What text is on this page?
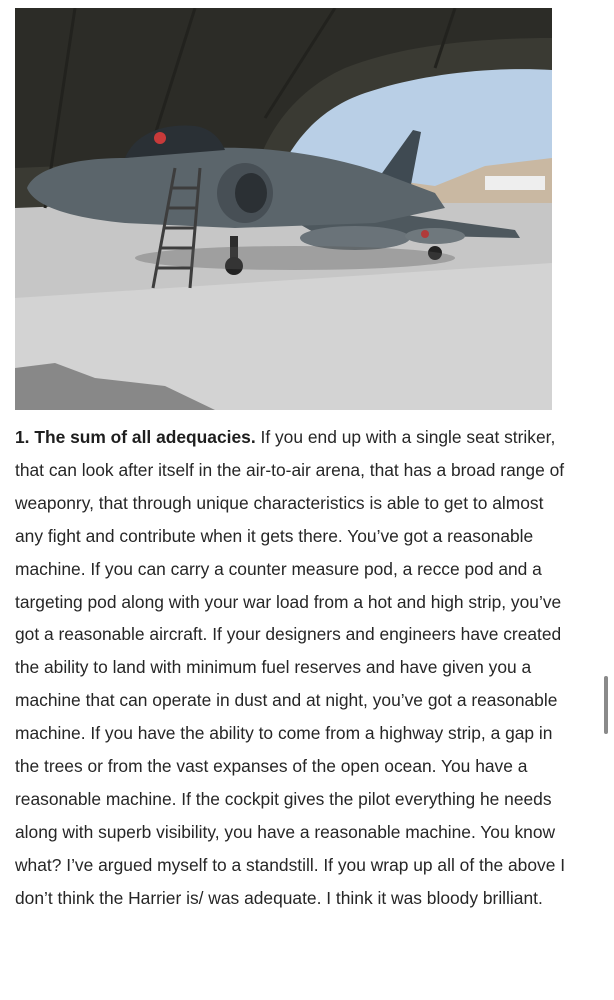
1. The sum of all adequacies. If you end up with a single seat striker, that can look after itself in the air-to-air arena, that has a broad range of weaponry, that through unique characteristics is able to get to almost any fight and contribute when it gets there. You’ve got a reasonable machine. If you can carry a counter measure pod, a recce pod and a targeting pod along with your war load from a hot and high strip, you’ve got a reasonable aircraft. If your designers and engineers have created the ability to land with minimum fuel reserves and have given you a machine that can operate in dust and at night, you’ve got a reasonable machine. If you have the ability to come from a highway strip, a gap in the trees or from the vast expanses of the open ocean. You have a reasonable machine. If the cockpit gives the pilot everything he needs along with superb visibility, you have a reasonable machine. You know what? I’ve argued myself to a standstill. If you wrap up all of the above I don’t think the Harrier is/ was adequate. I think it was bloody brilliant.
